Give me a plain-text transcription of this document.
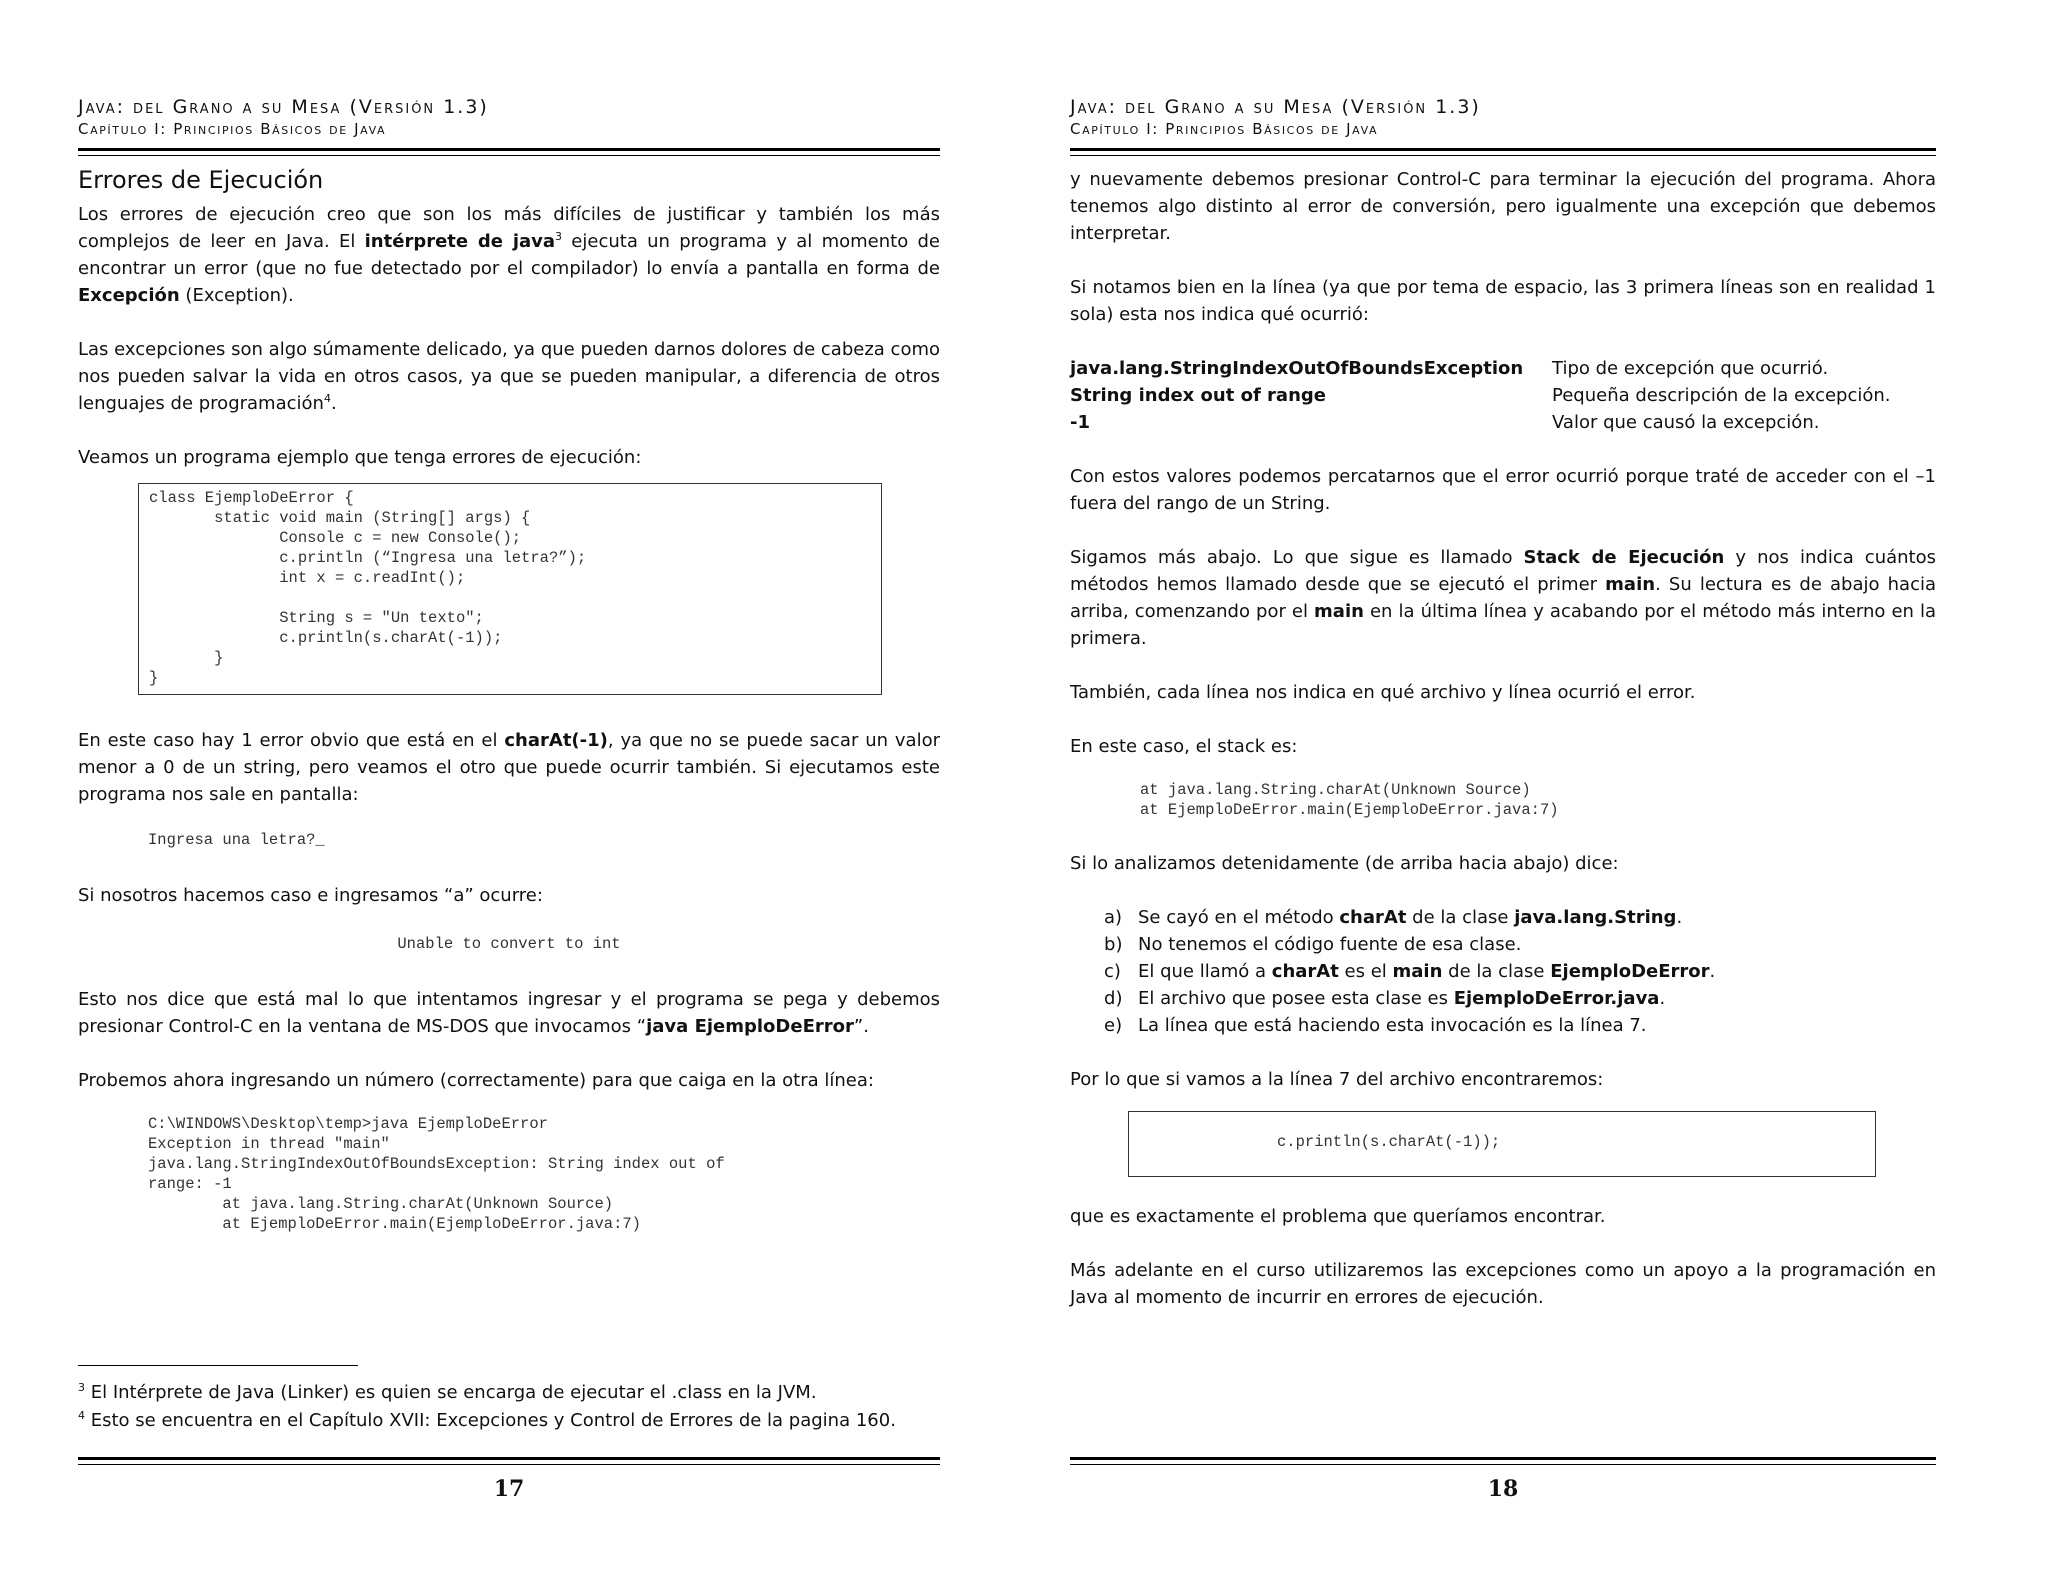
Java: del Grano a su Mesa (Versión 1.3)
Capítulo I: Principios Básicos de Java
Errores de Ejecución

Los errores de ejecución creo que son los más difíciles de justificar y también los más complejos de leer en Java. El intérprete de java$^3$ ejecuta un programa y al momento de encontrar un error (que no fue detectado por el compilador) lo envía a pantalla en forma de Excepción (Exception).

Las excepciones son algo súmamente delicado, ya que pueden darnos dolores de cabeza como nos pueden salvar la vida en otros casos, ya que se pueden manipular, a diferencia de otros lenguajes de programación$^4$.

Veamos un programa ejemplo que tenga errores de ejecución:

class EjemploDeError {
static void main (String[] args) {
Console c = new Console();
c.println (“Ingresa una letra?”);
int x = c.readInt();

String s = "Un texto";
c.println(s.charAt(-1));
}
}

En este caso hay 1 error obvio que está en el charAt(-1), ya que no se puede sacar un valor menor a 0 de un string, pero veamos el otro que puede ocurrir también. Si ejecutamos este programa nos sale en pantalla:

Ingresa una letra?_

Si nosotros hacemos caso e ingresamos “a” ocurre:

Unable to convert to int

Esto nos dice que está mal lo que intentamos ingresar y el programa se pega y debemos presionar Control-C en la ventana de MS-DOS que invocamos “java EjemploDeError”.

Probemos ahora ingresando un número (correctamente) para que caiga en la otra línea:

C:\WINDOWS\Desktop\temp>java EjemploDeError
Exception in thread "main"
java.lang.StringIndexOutOfBoundsException: String index out of
range: -1
at java.lang.String.charAt(Unknown Source)
at EjemploDeError.main(EjemploDeError.java:7)
$^3$ El Intérprete de Java (Linker) es quien se encarga de ejecutar el .class en la JVM.
$^4$ Esto se encuentra en el Capítulo XVII: Excepciones y Control de Errores de la pagina 160.
17
Java: del Grano a su Mesa (Versión 1.3)
Capítulo I: Principios Básicos de Java

y nuevamente debemos presionar Control-C para terminar la ejecución del programa. Ahora tenemos algo distinto al error de conversión, pero igualmente una excepción que debemos interpretar.

Si notamos bien en la línea (ya que por tema de espacio, las 3 primera líneas son en realidad 1 sola) esta nos indica qué ocurrió:

java.lang.StringIndexOutOfBoundsException	Tipo de excepción que ocurrió.
String index out of range	Pequeña descripción de la excepción.
-1	Valor que causó la excepción.

Con estos valores podemos percatarnos que el error ocurrió porque traté de acceder con el –1 fuera del rango de un String.

Sigamos más abajo. Lo que sigue es llamado Stack de Ejecución y nos indica cuántos métodos hemos llamado desde que se ejecutó el primer main. Su lectura es de abajo hacia arriba, comenzando por el main en la última línea y acabando por el método más interno en la primera.

También, cada línea nos indica en qué archivo y línea ocurrió el error.

En este caso, el stack es:

at java.lang.String.charAt(Unknown Source)
at EjemploDeError.main(EjemploDeError.java:7)

Si lo analizamos detenidamente (de arriba hacia abajo) dice:

Se cayó en el método charAt de la clase java.lang.String.
No tenemos el código fuente de esa clase.
El que llamó a charAt es el main de la clase EjemploDeError.
El archivo que posee esta clase es EjemploDeError.java.
La línea que está haciendo esta invocación es la línea 7.

Por lo que si vamos a la línea 7 del archivo encontraremos:

c.println(s.charAt(-1));

que es exactamente el problema que queríamos encontrar.

Más adelante en el curso utilizaremos las excepciones como un apoyo a la programación en Java al momento de incurrir en errores de ejecución.

18
